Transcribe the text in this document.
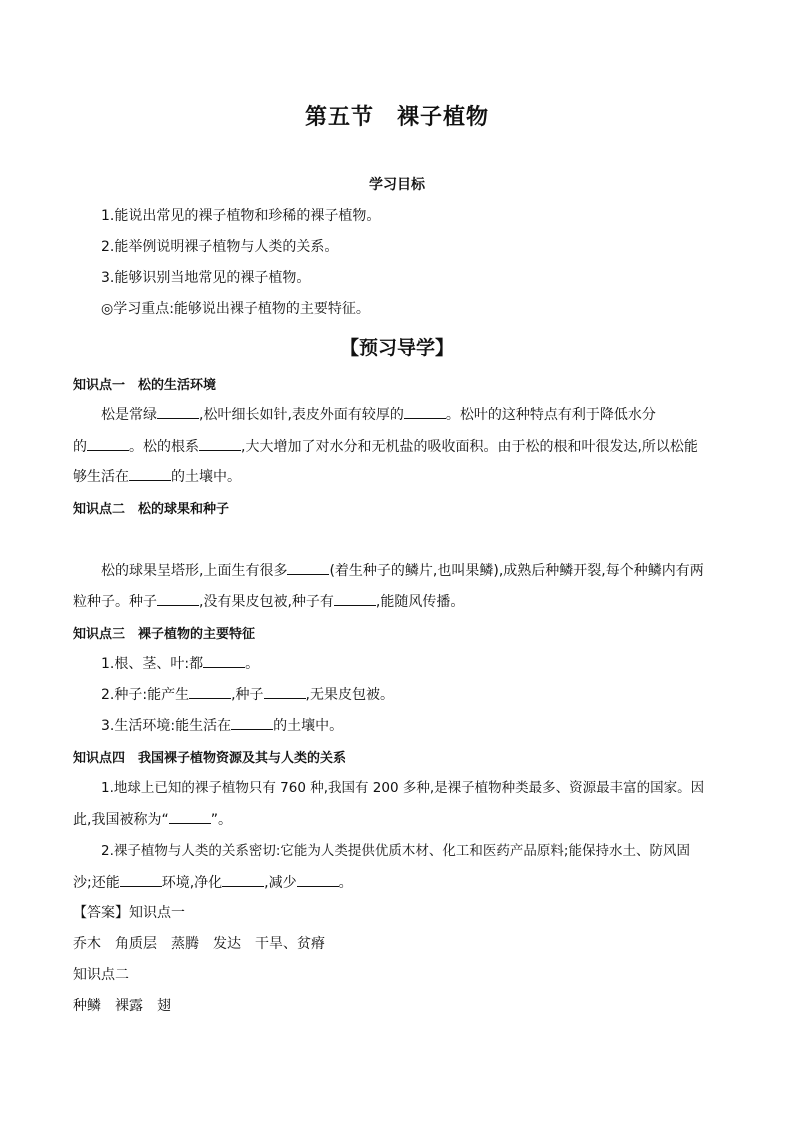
第五节　裸子植物
学习目标
1.能说出常见的裸子植物和珍稀的裸子植物。
2.能举例说明裸子植物与人类的关系。
3.能够识别当地常见的裸子植物。
◎学习重点:能够说出裸子植物的主要特征。
【预习导学】
知识点一　松的生活环境
松是常绿	,松叶细长如针,表皮外面有较厚的	。松叶的这种特点有利于降低水分
的	。松的根系	,大大增加了对水分和无机盐的吸收面积。由于松的根和叶很发达,所以松能
够生活在	的土壤中。
知识点二　松的球果和种子
松的球果呈塔形,上面生有很多	(着生种子的鳞片,也叫果鳞),成熟后种鳞开裂,每个种鳞内有两
粒种子。种子	,没有果皮包被,种子有	,能随风传播。
知识点三　裸子植物的主要特征
1.根、茎、叶:都	。
2.种子:能产生	,种子	,无果皮包被。
3.生活环境:能生活在	的土壤中。
知识点四　我国裸子植物资源及其与人类的关系
1.地球上已知的裸子植物只有 760 种,我国有 200 多种,是裸子植物种类最多、资源最丰富的国家。因
此,我国被称为“	”。
2.裸子植物与人类的关系密切:它能为人类提供优质木材、化工和医药产品原料;能保持水土、防风固
沙;还能	环境,净化	,减少	。
【答案】知识点一
乔木　角质层　蒸腾　发达　干旱、贫瘠
知识点二
种鳞　裸露　翅
